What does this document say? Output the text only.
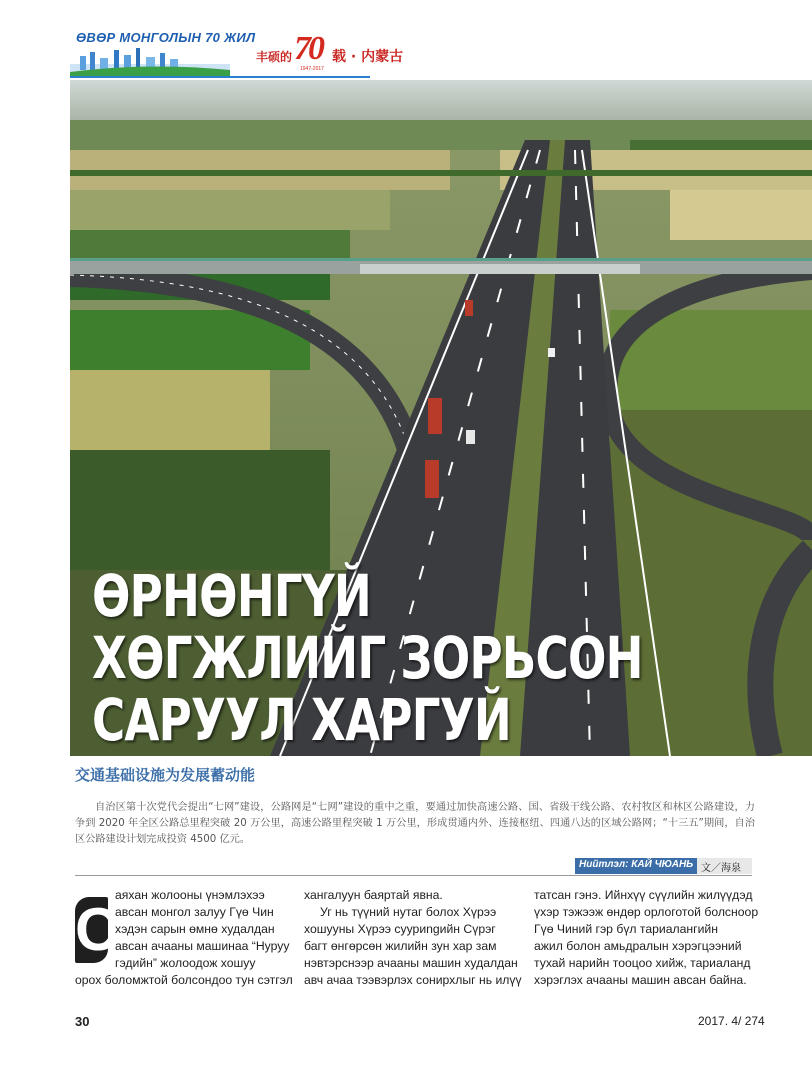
ӨВӨР МОНГОЛЫН 70 ЖИЛ
丰硕的 70
1947-2017
载 · 内蒙古
ӨРНӨНГҮЙ
ХӨГЖЛИЙГ ЗОРЬСОН
САРУУЛ ХАРГУЙ
交通基础设施为发展蓄动能
自治区第十次党代会提出“七网”建设，公路网是“七网”建设的重中之重，要通过加快高速公路、国、省级干线公路、农村牧区和林区公路建设，力争到 2020 年全区公路总里程突破 20 万公里，高速公路里程突破 1 万公里，形成贯通内外、连接枢纽、四通八达的区域公路网；“十三五”期间，自治区公路建设计划完成投资 4500 亿元。
Нийтлэл: КАЙ ЧЮАНЬ 文／海泉
С

аяхан жолооны үнэмлэхээ

авсан монгол залуу Гүө Чин

хэдэн сарын өмнө худалдан

авсан ачааны машинаа “Нуруу

гэдийн” жолоодож хошуу

орох боломжтой болсондоо тун сэтгэл

хангалуун баяртай явна.

Уг нь түүний нутаг болох Хүрээ

хошууны Хүрээ сууриngийн Сүрэг

багт өнгөрсөн жилийн зун хар зам

нэвтэрснээр ачааны машин худалдан

авч ачаа тээвэрлэх сонирхлыг нь илүү

татсан гэнэ. Ийнхүү сүүлийн жилүүдэд

үхэр тэжээж өндөр орлоготой болсноор

Гүө Чиний гэр бүл тариалангийн

ажил болон амьдралын хэрэгцээний

тухай нарийн тооцоо хийж, тариаланд

хэрэглэх ачааны машин авсан байна.

30	2017. 4/ 274
